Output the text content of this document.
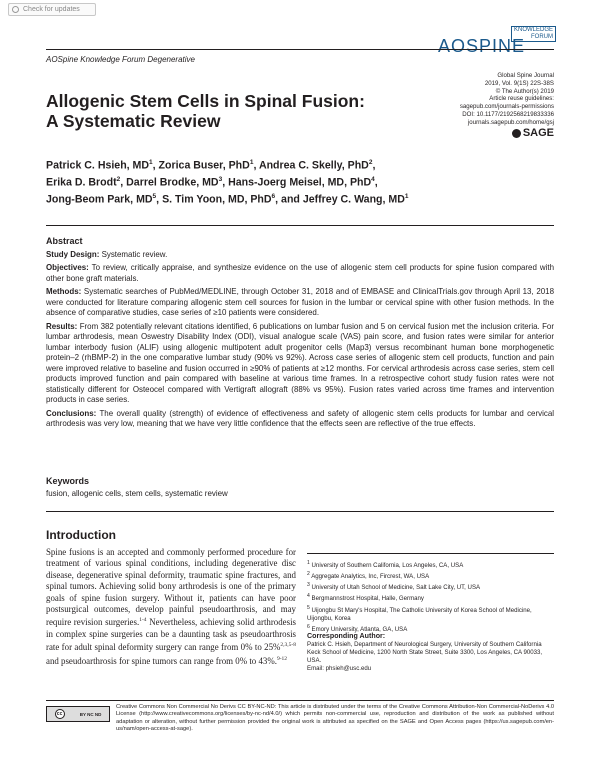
Check for updates
KNOWLEDGE
FORUM
AOSPINE
AOSpine Knowledge Forum Degenerative
Global Spine Journal
2019, Vol. 9(1S) 22S-38S
© The Author(s) 2019
Article reuse guidelines:
sagepub.com/journals-permissions
DOI: 10.1177/2192568219833336
journals.sagepub.com/home/gsj
SAGE
Allogenic Stem Cells in Spinal Fusion:
A Systematic Review
Patrick C. Hsieh, $MD^1$, Zorica Buser, PhD$^1$, Andrea C. Skelly, PhD$^2$,
Erika D. Brodt$^2$, Darrel Brodke, $MD^3$, Hans-Joerg Meisel, MD, PhD$^4$,
Jong-Beom Park, $MD^5$, S. Tim Yoon, MD, PhD$^6$, and Jeffrey C. Wang, $MD^1$
Abstract

Study Design: Systematic review.

Objectives: To review, critically appraise, and synthesize evidence on the use of allogenic stem cell products for spine fusion compared with other bone graft materials.

Methods: Systematic searches of PubMed/MEDLINE, through October 31, 2018 and of EMBASE and ClinicalTrials.gov through April 13, 2018 were conducted for literature comparing allogenic stem cell sources for fusion in the lumbar or cervical spine with other fusion methods. In the absence of comparative studies, case series of ≥10 patients were considered.

Results: From 382 potentially relevant citations identified, 6 publications on lumbar fusion and 5 on cervical fusion met the inclusion criteria. For lumbar arthrodesis, mean Oswestry Disability Index (ODI), visual analogue scale (VAS) pain score, and fusion rates were similar for anterior lumbar interbody fusion (ALIF) using allogenic multipotent adult progenitor cells (Map3) versus recombinant human bone morphogenetic protein–2 (rhBMP-2) in the one comparative lumbar study (90% vs 92%). Across case series of allogenic stem cell products, function and pain were improved relative to baseline and fusion occurred in ≥90% of patients at ≥12 months. For cervical arthrodesis across case series, stem cell products improved function and pain compared with baseline at various time frames. In a retrospective cohort study fusion rates were not statistically different for Osteocel compared with Vertigraft allograft (88% vs 95%). Fusion rates varied across time frames and intervention products in case series.

Conclusions: The overall quality (strength) of evidence of effectiveness and safety of allogenic stem cells products for lumbar and cervical arthrodesis was very low, meaning that we have very little confidence that the effects seen are reflective of the true effects.

Keywords
fusion, allogenic cells, stem cells, systematic review
Introduction
Spine fusions is an accepted and commonly performed procedure for treatment of various spinal conditions, including degenerative disc disease, degenerative spinal deformity, traumatic spine fractures, and spinal tumors. Achieving solid bony arthrodesis is one of the primary goals of spine fusion surgery. Without it, patients can have poor postsurgical outcomes, develop painful pseudoarthrosis, and may require revision surgeries.$^{1-4}$ Nevertheless, achieving solid arthrodesis in complex spine surgeries can be a daunting task as pseudoarthrosis rate for adult spinal deformity surgery can range from 0% to 25%$^{2,3,5-8}$ and pseudoarthrosis for spine tumors can range from 0% to 43%.$^{9-12}$
$^1$ University of Southern California, Los Angeles, CA, USA
$^2$ Aggregate Analytics, Inc, Fircrest, WA, USA
$^3$ University of Utah School of Medicine, Salt Lake City, UT, USA
$^4$ Bergmannstrost Hospital, Halle, Germany
$^5$ Uijongbu St Mary's Hospital, The Catholic University of Korea School of Medicine, Uijongbu, Korea
$^6$ Emory University, Atlanta, GA, USA
Corresponding Author:
Patrick C. Hsieh, Department of Neurological Surgery, University of Southern California Keck School of Medicine, 1200 North State Street, Suite 3300, Los Angeles, CA 90033, USA.
Email: phsieh@usc.edu
cc	BY NC ND
Creative Commons Non Commercial No Derivs CC BY-NC-ND: This article is distributed under the terms of the Creative Commons Attribution-Non Commercial-NoDerivs 4.0 License (http://www.creativecommons.org/licenses/by-nc-nd/4.0/) which permits non-commercial use, reproduction and distribution of the work as published without adaptation or alteration, without further permission provided the original work is attributed as specified on the SAGE and Open Access pages (https://us.sagepub.com/en-us/nam/open-access-at-sage).
